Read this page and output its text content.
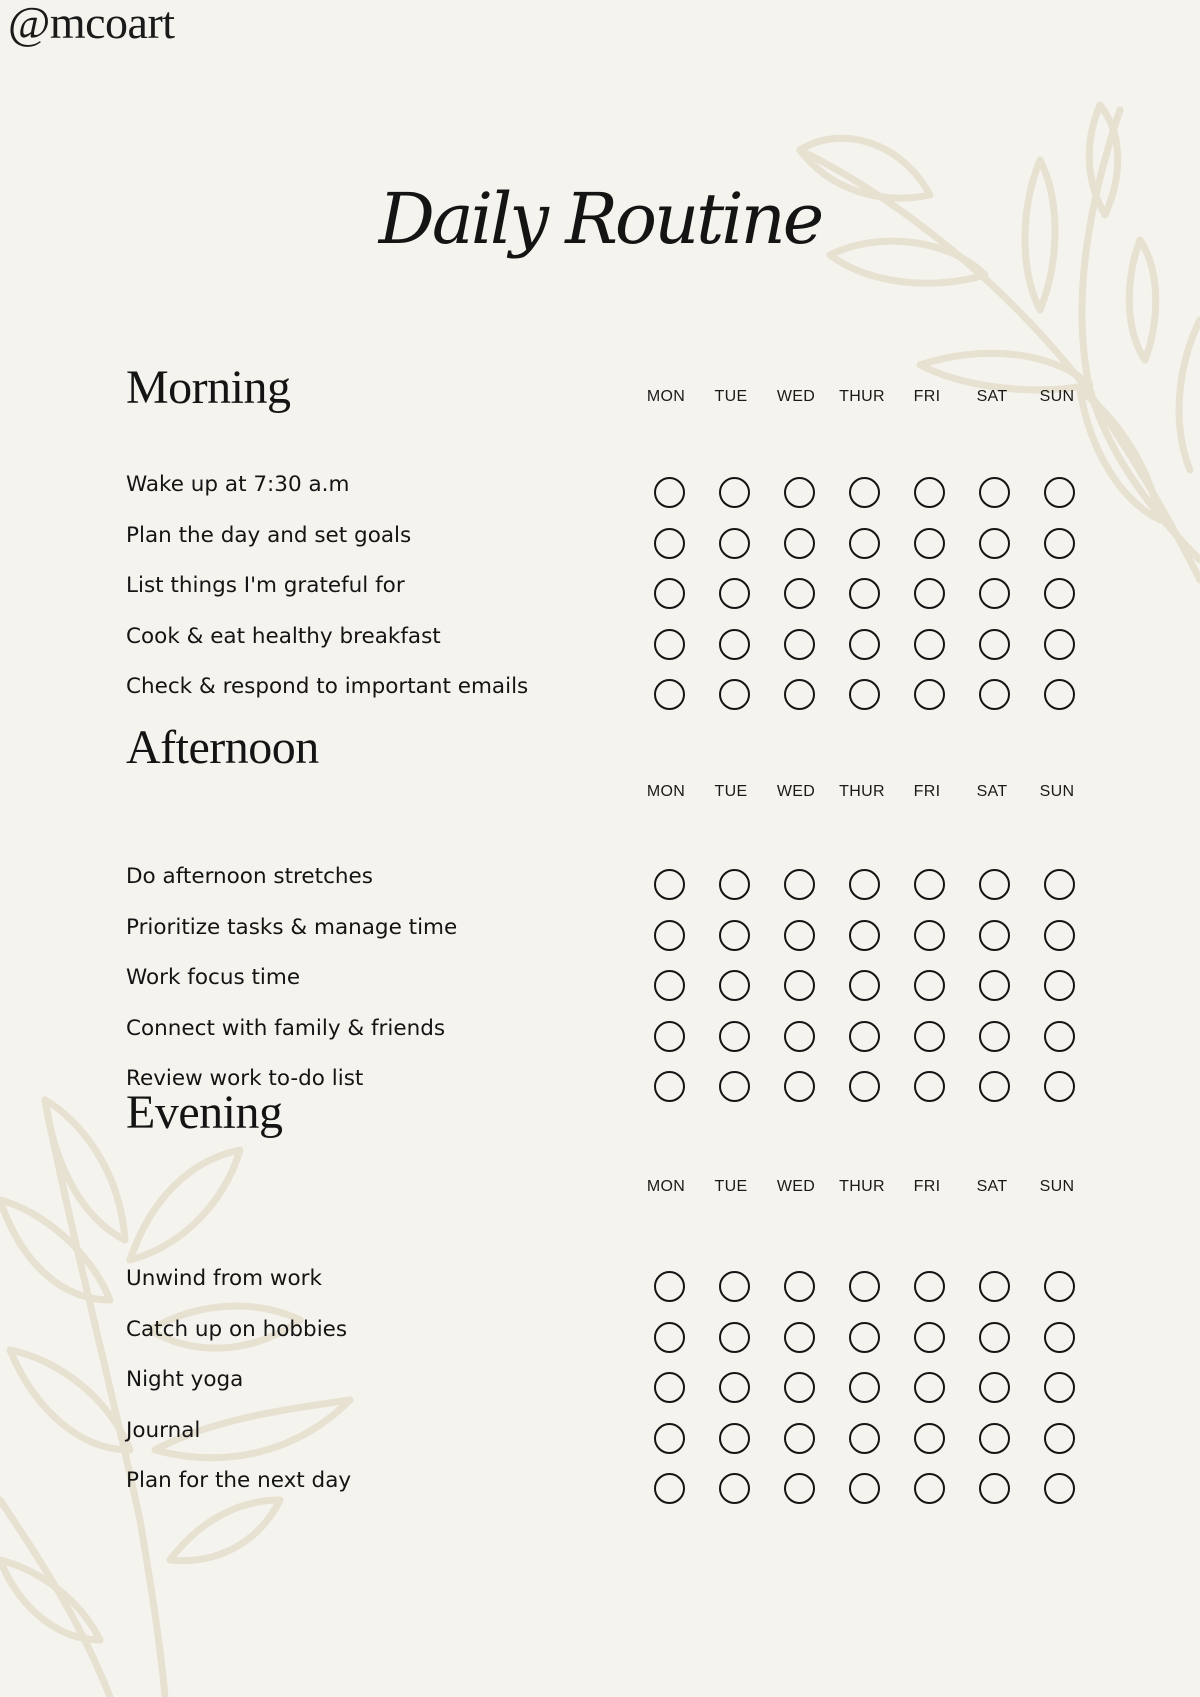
@mcoart
Daily Routine
Morning	MON	TUE	WED	THUR	FRI	SAT	SUN
Wake up at 7:30 a.m
Plan the day and set goals
List things I'm grateful for
Cook & eat healthy breakfast
Check & respond to important emails
Afternoon
MON	TUE	WED	THUR	FRI	SAT	SUN
Do afternoon stretches
Prioritize tasks & manage time
Work focus time
Connect with family & friends
Review work to-do list
Evening
MON	TUE	WED	THUR	FRI	SAT	SUN
Unwind from work
Catch up on hobbies
Night yoga
Journal
Plan for the next day
